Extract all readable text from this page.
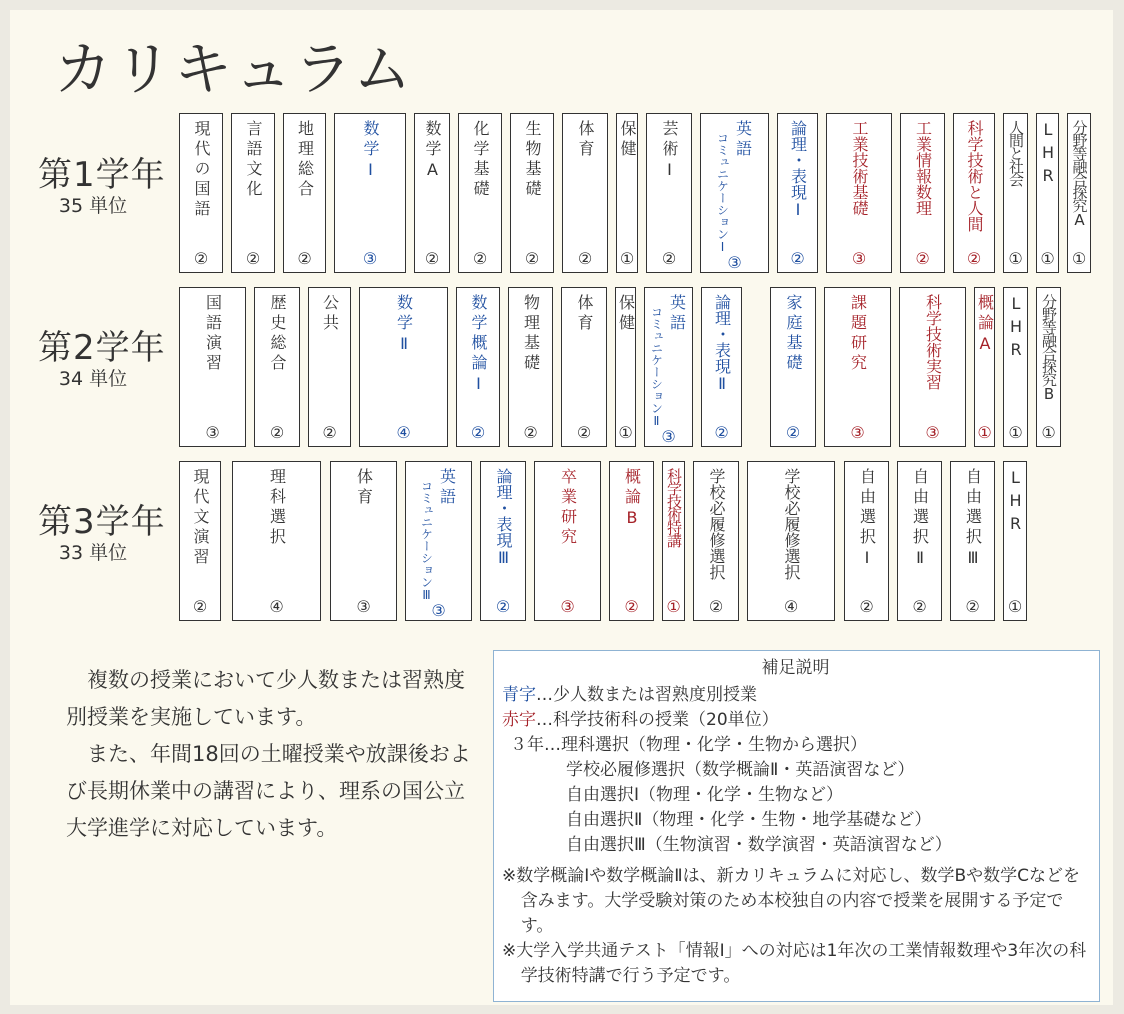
カリキュラム
第1学年
35 単位	現代の国語
②
言語文化
②
地理総合
②
数学Ⅰ
③
数学A
②
化学基礎
②
生物基礎
②
体育
②
保健
①
芸術Ⅰ
②
英語
コミュニケーションⅠ
③
論理・表現Ⅰ
②
工業技術基礎
③
工業情報数理
②
科学技術と人間
②
人間と社会
①
LHR
①
分野等融合探究A
①
第2学年
34 単位
国語演習
③
歴史総合
②
公共
②
数学Ⅱ
④
数学概論Ⅰ
②
物理基礎
②
体育
②
保健
①
英語
コミュニケーションⅡ
③
論理・表現Ⅱ
②
家庭基礎
②
課題研究
③
科学技術実習
③
概論A
①
LHR
①
分野等融合探究B
①
第3学年
33 単位	現代文演習
②
理科選択
④
体育
③
英語
コミュニケーションⅢ
③
論理・表現Ⅲ
②
卒業研究
③
概論B
②
科学技術特講
①
学校必履修選択
②
学校必履修選択
④
自由選択Ⅰ
②
自由選択Ⅱ
②
自由選択Ⅲ
②
LHR
①

複数の授業において少人数または習熟度別授業を実施しています。

また、年間18回の土曜授業や放課後および長期休業中の講習により、理系の国公立大学進学に対応しています。

補足説明
青字…少人数または習熟度別授業
赤字…科学技術科の授業（20単位）
３年…理科選択（物理・化学・生物から選択）
学校必履修選択（数学概論Ⅱ・英語演習など）
自由選択Ⅰ（物理・化学・生物など）
自由選択Ⅱ（物理・化学・生物・地学基礎など）
自由選択Ⅲ（生物演習・数学演習・英語演習など）
※数学概論Ⅰや数学概論Ⅱは、新カリキュラムに対応し、数学Bや数学Cなどを含みます。大学受験対策のため本校独自の内容で授業を展開する予定です。
※大学入学共通テスト「情報Ⅰ」への対応は1年次の工業情報数理や3年次の科学技術特講で行う予定です。
